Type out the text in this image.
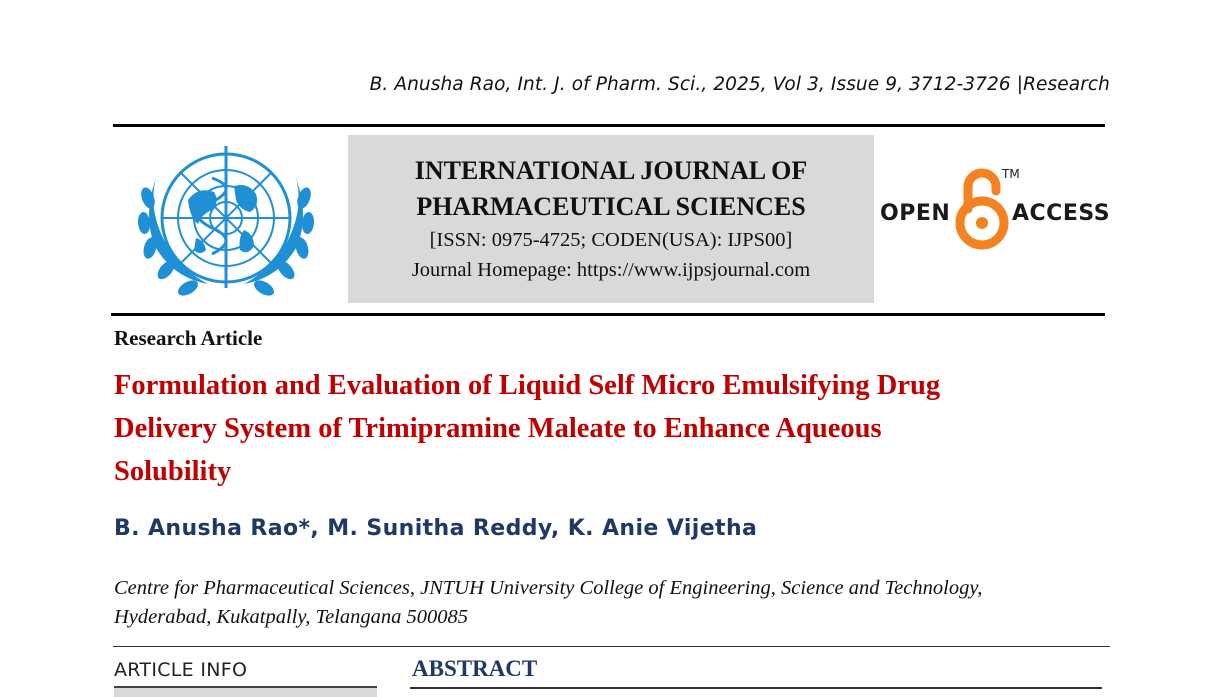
B. Anusha Rao, Int. J. of Pharm. Sci., 2025, Vol 3, Issue 9, 3712-3726 |Research
INTERNATIONAL JOURNAL OF
PHARMACEUTICAL SCIENCES
[ISSN: 0975-4725; CODEN(USA): IJPS00]
Journal Homepage: https://www.ijpsjournal.com
OPEN
TM
ACCESS
Research Article
Formulation and Evaluation of Liquid Self Micro Emulsifying Drug
Delivery System of Trimipramine Maleate to Enhance Aqueous
Solubility
B. Anusha Rao*, M. Sunitha Reddy, K. Anie Vijetha
Centre for Pharmaceutical Sciences, JNTUH University College of Engineering, Science and Technology,
Hyderabad, Kukatpally, Telangana 500085
ARTICLE INFO	ABSTRACT
